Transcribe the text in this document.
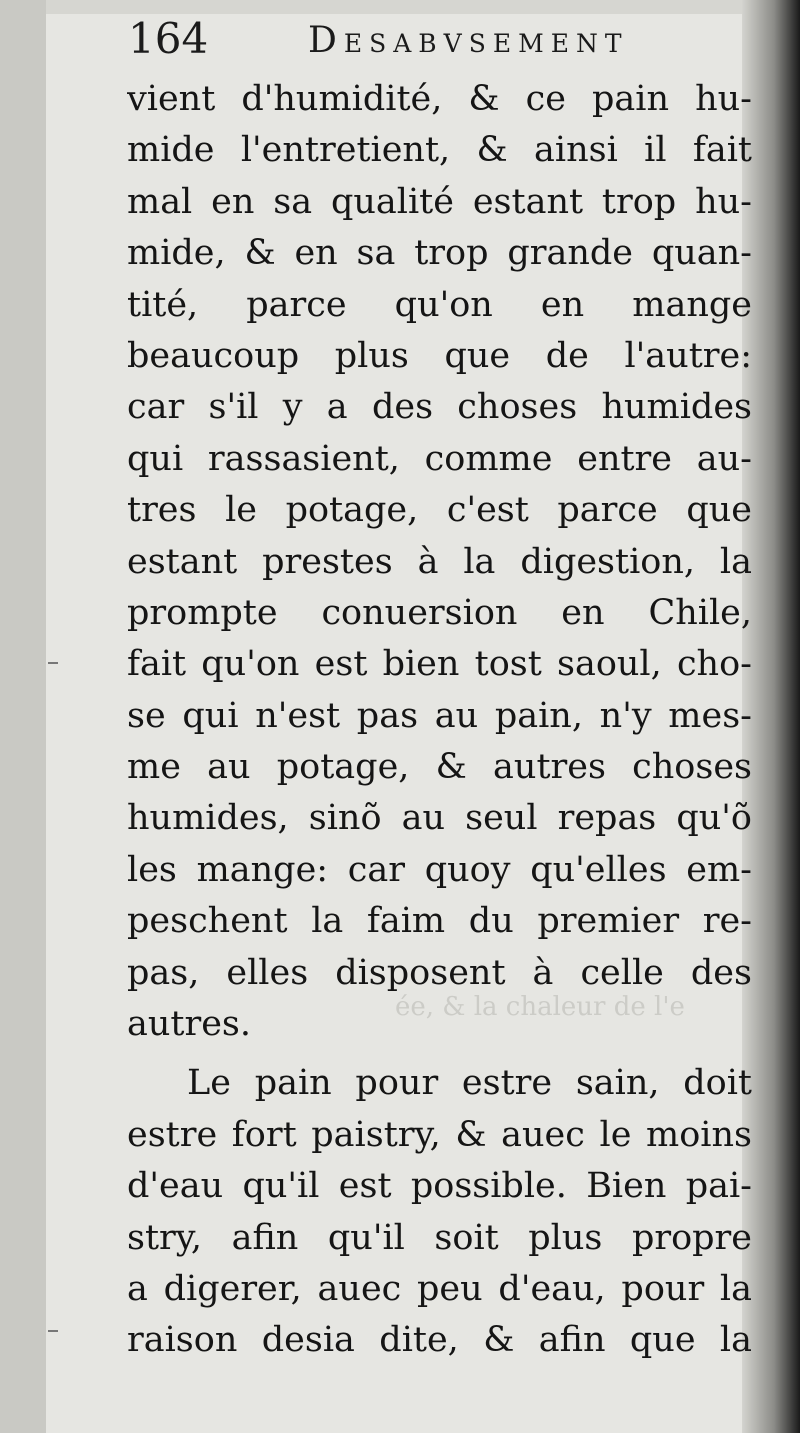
164	Desabvsement
ée, & la chaleur de l'e
vient d'humidité, & ce pain hu-
mide l'entretient, & ainsi il fait
mal en sa qualité estant trop hu-
mide, & en sa trop grande quan-
tité, parce qu'on en mange
beaucoup plus que de l'autre:
car s'il y a des choses humides
qui rassasient, comme entre au-
tres le potage, c'est parce que
estant prestes à la digestion, la
prompte conuersion en Chile,
fait qu'on est bien tost saoul, cho-
se qui n'est pas au pain, n'y mes-
me au potage, & autres choses
humides, sinõ au seul repas qu'õ
les mange: car quoy qu'elles em-
peschent la faim du premier re-
pas, elles disposent à celle des
autres.
Le pain pour estre sain, doit
estre fort paistry, & auec le moins
d'eau qu'il est possible. Bien pai-
stry, afin qu'il soit plus propre
a digerer, auec peu d'eau, pour la
raison desia dite, & afin que la
